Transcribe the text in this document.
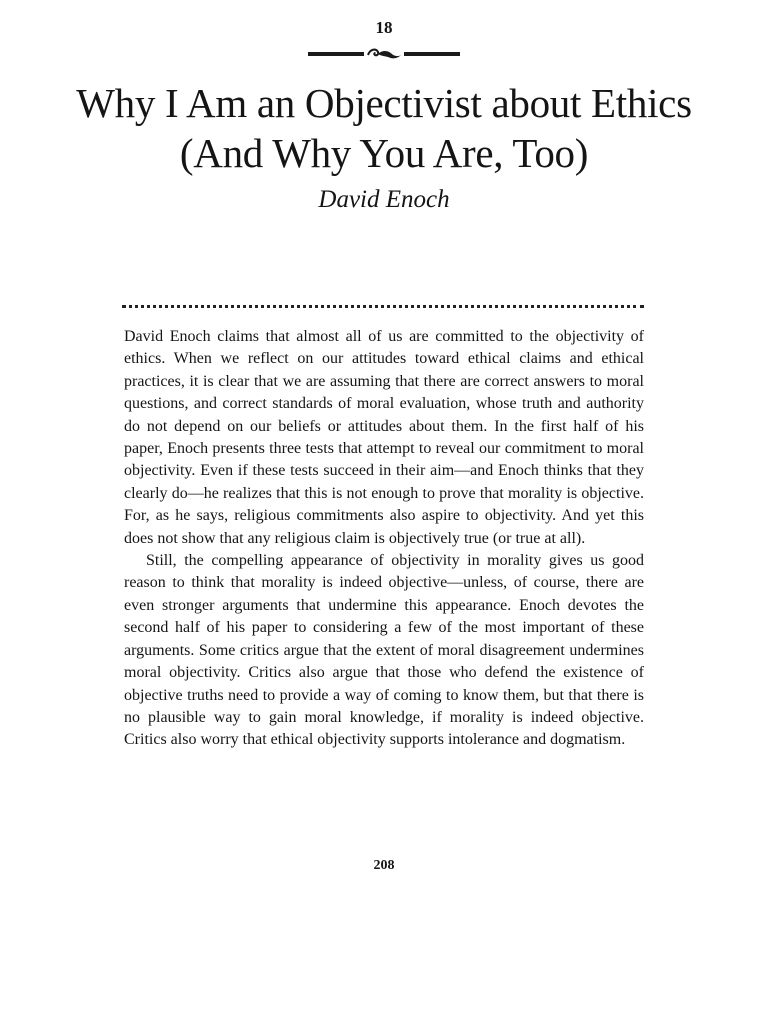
18
Why I Am an Objectivist about Ethics (And Why You Are, Too)
David Enoch

David Enoch claims that almost all of us are committed to the objectivity of ethics. When we reflect on our attitudes toward ethical claims and ethical practices, it is clear that we are assuming that there are correct answers to moral questions, and correct standards of moral evaluation, whose truth and authority do not depend on our beliefs or attitudes about them. In the first half of his paper, Enoch presents three tests that attempt to reveal our commitment to moral objectivity. Even if these tests succeed in their aim—and Enoch thinks that they clearly do—he realizes that this is not enough to prove that morality is objective. For, as he says, religious commitments also aspire to objectivity. And yet this does not show that any religious claim is objectively true (or true at all).

Still, the compelling appearance of objectivity in morality gives us good reason to think that morality is indeed objective—unless, of course, there are even stronger arguments that undermine this appearance. Enoch devotes the second half of his paper to considering a few of the most important of these arguments. Some critics argue that the extent of moral disagreement undermines moral objectivity. Critics also argue that those who defend the existence of objective truths need to provide a way of coming to know them, but that there is no plausible way to gain moral knowledge, if morality is indeed objective. Critics also worry that ethical objectivity supports intolerance and dogmatism.

208
